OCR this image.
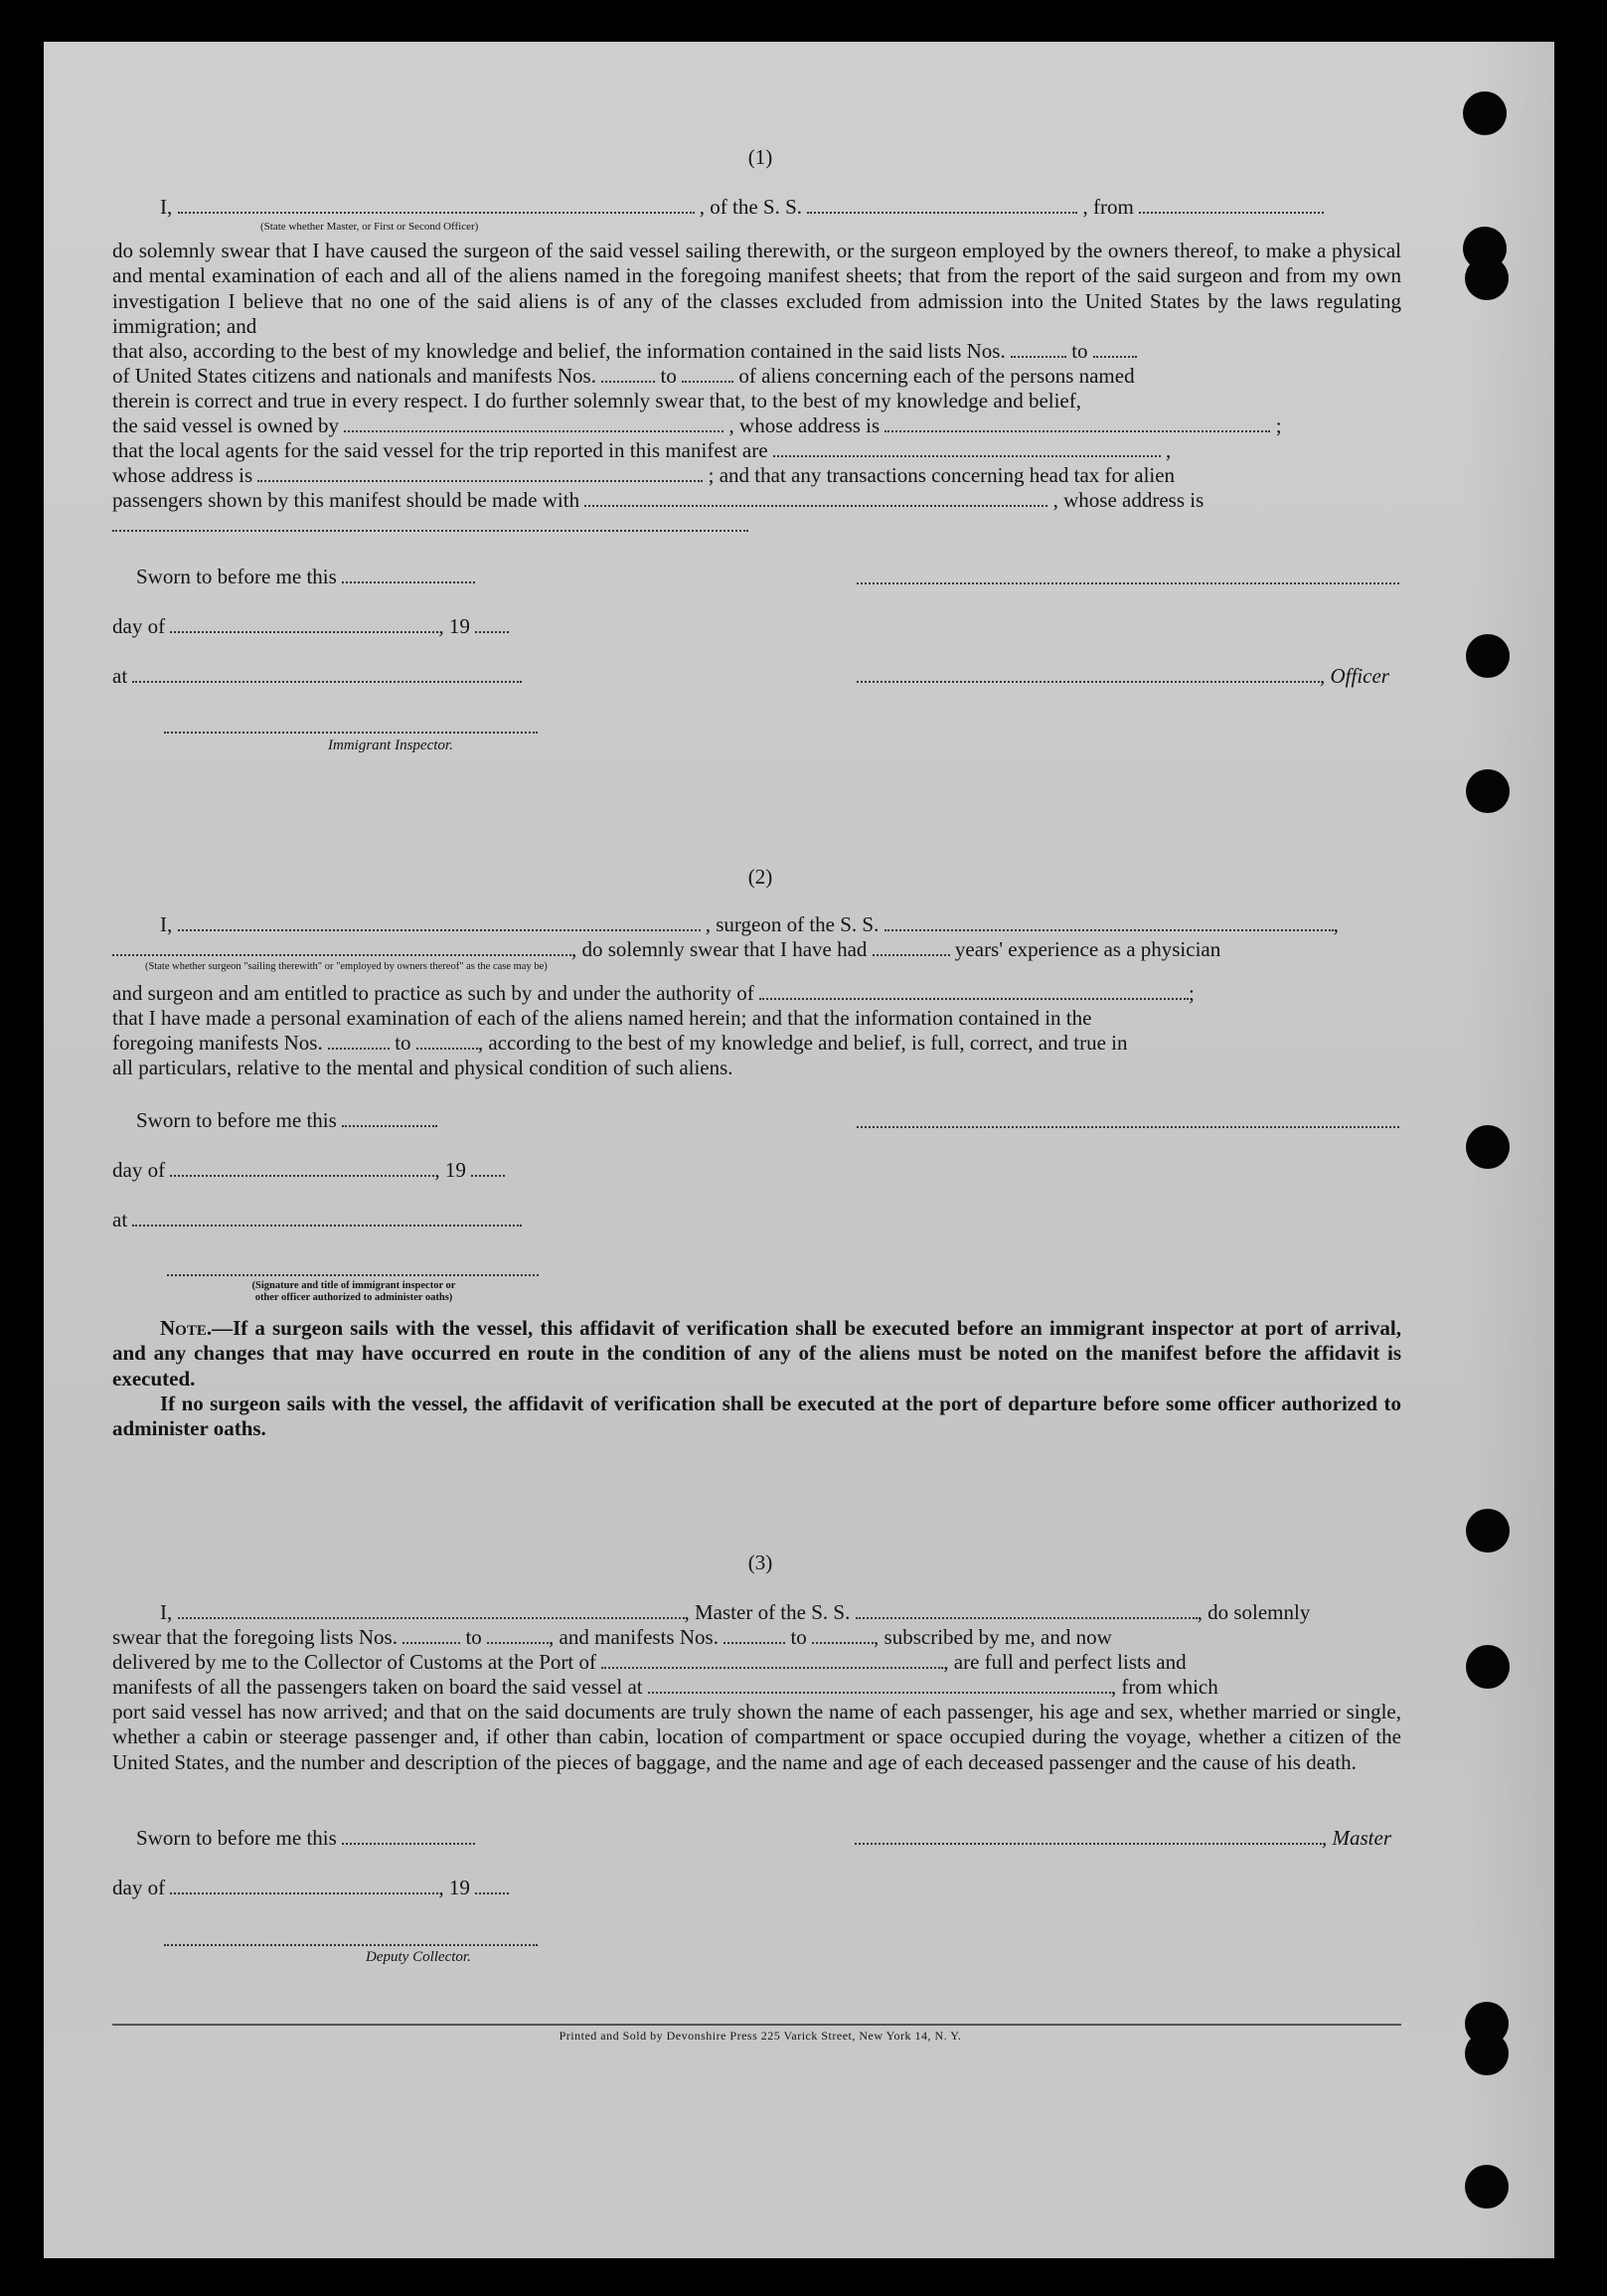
(1)
I,	, of the S. S.	, from
(State whether Master, or First or Second Officer)
do solemnly swear that I have caused the surgeon of the said vessel sailing therewith, or the surgeon employed by the owners thereof, to make a physical and mental examination of each and all of the aliens named in the foregoing manifest sheets; that from the report of the said surgeon and from my own investigation I believe that no one of the said aliens is of any of the classes excluded from admission into the United States by the laws regulating immigration; and
that also, according to the best of my knowledge and belief, the information contained in the said lists Nos.	to
of United States citizens and nationals and manifests Nos.	to	of aliens concerning each of the persons named
therein is correct and true in every respect. I do further solemnly swear that, to the best of my knowledge and belief,
the said vessel is owned by	, whose address is	;
that the local agents for the said vessel for the trip reported in this manifest are	,
whose address is	; and that any transactions concerning head tax for alien
passengers shown by this manifest should be made with	, whose address is
Sworn to before me this
day of	, 19
at	, Officer
Immigrant Inspector.
(2)
I,	, surgeon of the S. S.	,
, do solemnly swear that I have had	years' experience as a physician
(State whether surgeon "sailing therewith" or "employed by owners thereof" as the case may be)
and surgeon and am entitled to practice as such by and under the authority of	;
that I have made a personal examination of each of the aliens named herein; and that the information contained in the
foregoing manifests Nos.	to	, according to the best of my knowledge and belief, is full, correct, and true in
all particulars, relative to the mental and physical condition of such aliens.
Sworn to before me this
day of	, 19
at
(Signature and title of immigrant inspector or
other officer authorized to administer oaths)
Note.—If a surgeon sails with the vessel, this affidavit of verification shall be executed before an immigrant inspector at port of arrival, and any changes that may have occurred en route in the condition of any of the aliens must be noted on the manifest before the affidavit is executed.
If no surgeon sails with the vessel, the affidavit of verification shall be executed at the port of departure before some officer authorized to administer oaths.
(3)
I,	, Master of the S. S.	, do solemnly
swear that the foregoing lists Nos.	to	, and manifests Nos.	to	, subscribed by me, and now
delivered by me to the Collector of Customs at the Port of	, are full and perfect lists and
manifests of all the passengers taken on board the said vessel at	, from which
port said vessel has now arrived; and that on the said documents are truly shown the name of each passenger, his age and sex, whether married or single, whether a cabin or steerage passenger and, if other than cabin, location of compartment or space occupied during the voyage, whether a citizen of the United States, and the number and description of the pieces of baggage, and the name and age of each deceased passenger and the cause of his death.
Sworn to before me this	, Master
day of	, 19
Deputy Collector.
Printed and Sold by Devonshire Press 225 Varick Street, New York 14, N. Y.
